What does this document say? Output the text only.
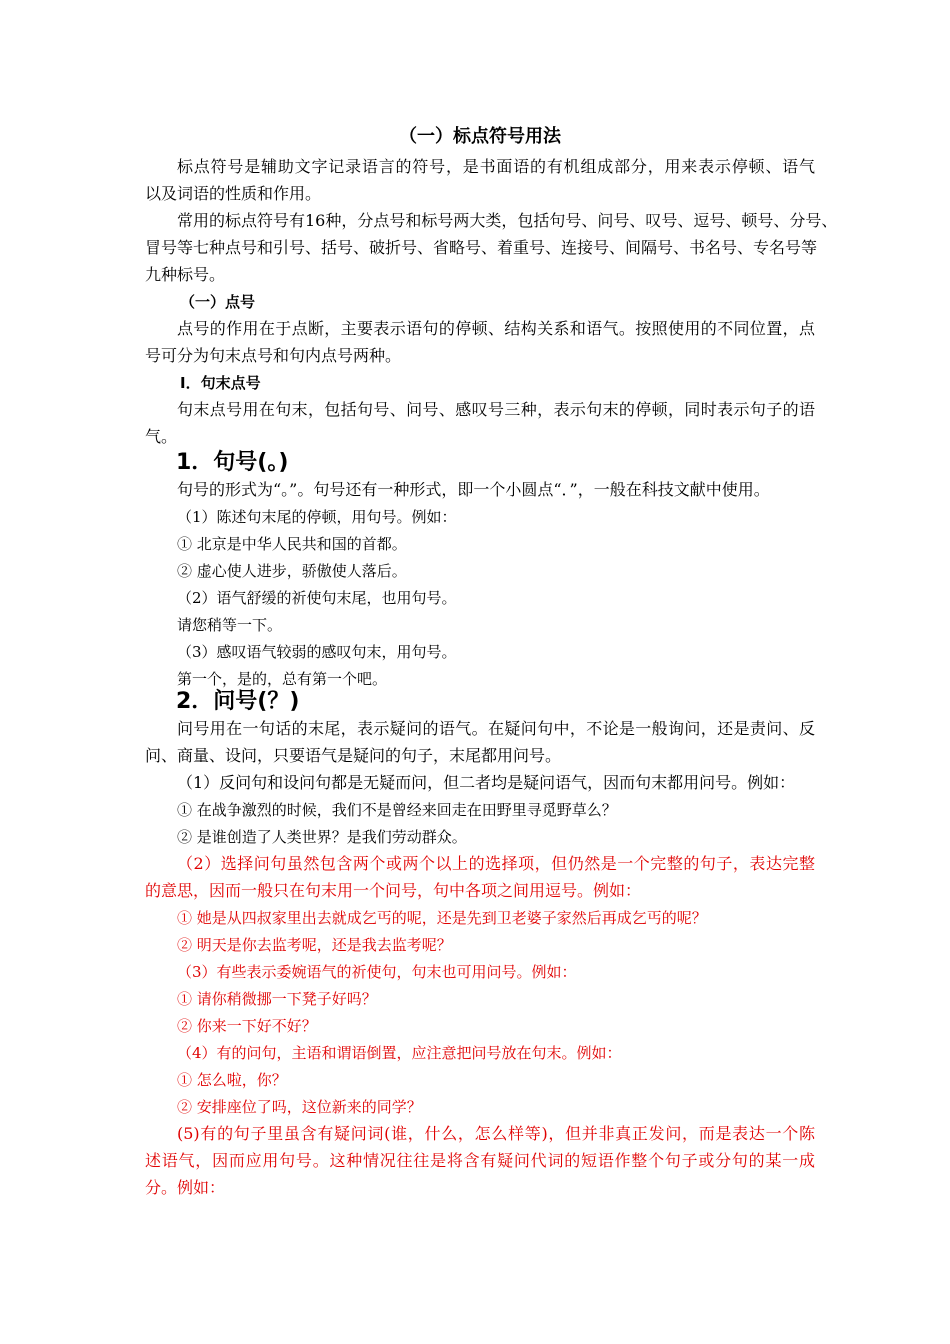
（一）标点符号用法

标点符号是辅助文字记录语言的符号，是书面语的有机组成部分，用来表示停顿、语气

以及词语的性质和作用。

常用的标点符号有16种，分点号和标号两大类，包括句号、问号、叹号、逗号、顿号、分号、

冒号等七种点号和引号、括号、破折号、省略号、着重号、连接号、间隔号、书名号、专名号等

九种标号。

（一）点号

点号的作用在于点断，主要表示语句的停顿、结构关系和语气。按照使用的不同位置，点

号可分为句末点号和句内点号两种。

Ⅰ．句末点号

句末点号用在句末，包括句号、问号、感叹号三种，表示句末的停顿，同时表示句子的语

气。

1．句号(。)

句号的形式为“。”。句号还有一种形式，即一个小圆点“．”，一般在科技文献中使用。

（1）陈述句末尾的停顿，用句号。例如：

① 北京是中华人民共和国的首都。

② 虚心使人进步，骄傲使人落后。

（2）语气舒缓的祈使句末尾，也用句号。

请您稍等一下。

（3）感叹语气较弱的感叹句末，用句号。

第一个，是的，总有第一个吧。

2．问号(？)

问号用在一句话的末尾，表示疑问的语气。在疑问句中，不论是一般询问，还是责问、反

问、商量、设问，只要语气是疑问的句子，末尾都用问号。

（1）反问句和设问句都是无疑而问，但二者均是疑问语气，因而句末都用问号。例如：

① 在战争激烈的时候，我们不是曾经来回走在田野里寻觅野草么？

② 是谁创造了人类世界？是我们劳动群众。

（2）选择问句虽然包含两个或两个以上的选择项，但仍然是一个完整的句子，表达完整

的意思，因而一般只在句末用一个问号，句中各项之间用逗号。例如：

① 她是从四叔家里出去就成乞丐的呢，还是先到卫老婆子家然后再成乞丐的呢？

② 明天是你去监考呢，还是我去监考呢？

（3）有些表示委婉语气的祈使句，句末也可用问号。例如：

① 请你稍微挪一下凳子好吗？

② 你来一下好不好？

（4）有的问句，主语和谓语倒置，应注意把问号放在句末。例如：

① 怎么啦，你？

② 安排座位了吗，这位新来的同学？

(5)有的句子里虽含有疑问词(谁，什么，怎么样等)，但并非真正发问，而是表达一个陈

述语气，因而应用句号。这种情况往往是将含有疑问代词的短语作整个句子或分句的某一成

分。例如：
